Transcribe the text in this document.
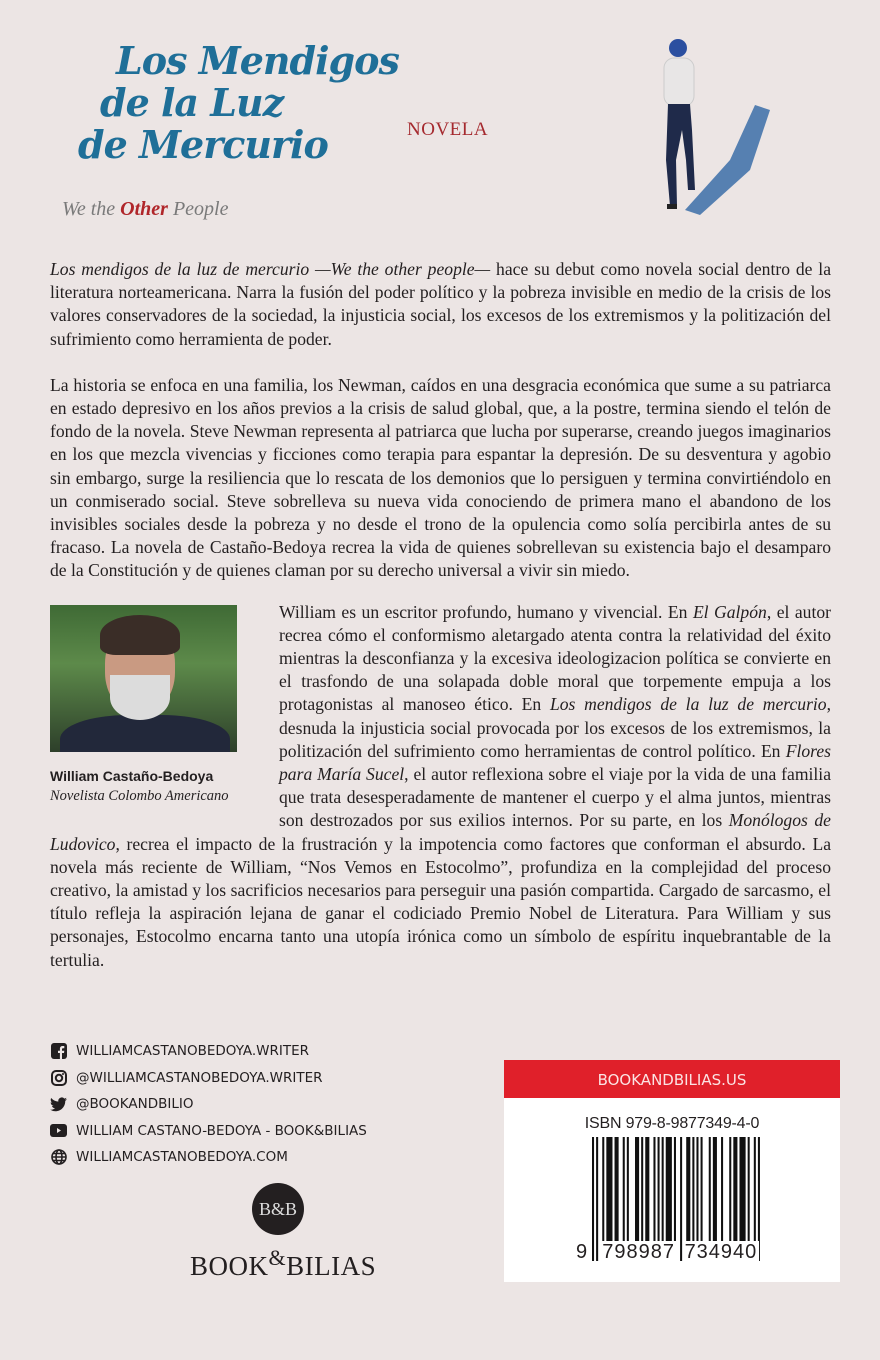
Los Mendigos
de la Luz
de Mercurio
We the Other People
NOVELA

Los mendigos de la luz de mercurio —We the other people— hace su debut como novela social dentro de la literatura norteamericana. Narra la fusión del poder político y la pobreza invisible en medio de la crisis de los valores conservadores de la sociedad, la injusticia social, los excesos de los extremismos y la politización del sufrimiento como herramienta de poder.

La historia se enfoca en una familia, los Newman, caídos en una desgracia económica que sume a su patriarca en estado depresivo en los años previos a la crisis de salud global, que, a la postre, termina siendo el telón de fondo de la novela. Steve Newman representa al patriarca que lucha por superarse, creando juegos imaginarios en los que mezcla vivencias y ficciones como terapia para espantar la depresión. De su desventura y agobio sin embargo, surge la resiliencia que lo rescata de los demonios que lo persiguen y termina convirtiéndolo en un conmiserado social. Steve sobrelleva su nueva vida conociendo de primera mano el abandono de los invisibles sociales desde la pobreza y no desde el trono de la opulencia como solía percibirla antes de su fracaso. La novela de Castaño-Bedoya recrea la vida de quienes sobrellevan su existencia bajo el desamparo de la Constitución y de quienes claman por su derecho universal a vivir sin miedo.

William Castaño-Bedoya
Novelista Colombo Americano

William es un escritor profundo, humano y vivencial. En El Galpón, el autor recrea cómo el conformismo aletargado atenta contra la relatividad del éxito mientras la desconfianza y la excesiva ideologizacion política se convierte en el trasfondo de una solapada doble moral que torpemente empuja a los protagonistas al manoseo ético. En Los mendigos de la luz de mercurio, desnuda la injusticia social provocada por los excesos de los extremismos, la politización del sufrimiento como herramientas de control político. En Flores para María Sucel, el autor reflexiona sobre el viaje por la vida de una familia que trata desesperadamente de mantener el cuerpo y el alma juntos, mientras son destrozados por sus exilios internos. Por su parte, en los Monólogos de Ludovico, recrea el impacto de la frustración y la impotencia como factores que conforman el absurdo. La novela más reciente de William, “Nos Vemos en Estocolmo”, profundiza en la complejidad del proceso creativo, la amistad y los sacrificios necesarios para perseguir una pasión compartida. Cargado de sarcasmo, el título refleja la aspiración lejana de ganar el codiciado Premio Nobel de Literatura. Para William y sus personajes, Estocolmo encarna tanto una utopía irónica como un símbolo de espíritu inquebrantable de la tertulia.

WILLIAMCASTANOBEDOYA.WRITER
@WILLIAMCASTANOBEDOYA.WRITER
@BOOKANDBILIO
WILLIAM CASTANO-BEDOYA - BOOK&BILIAS
WILLIAMCASTANOBEDOYA.COM
B&B
BOOK&BILIAS
BOOKANDBILIAS.US
ISBN 979-8-9877349-4-0
9 798987 734940
